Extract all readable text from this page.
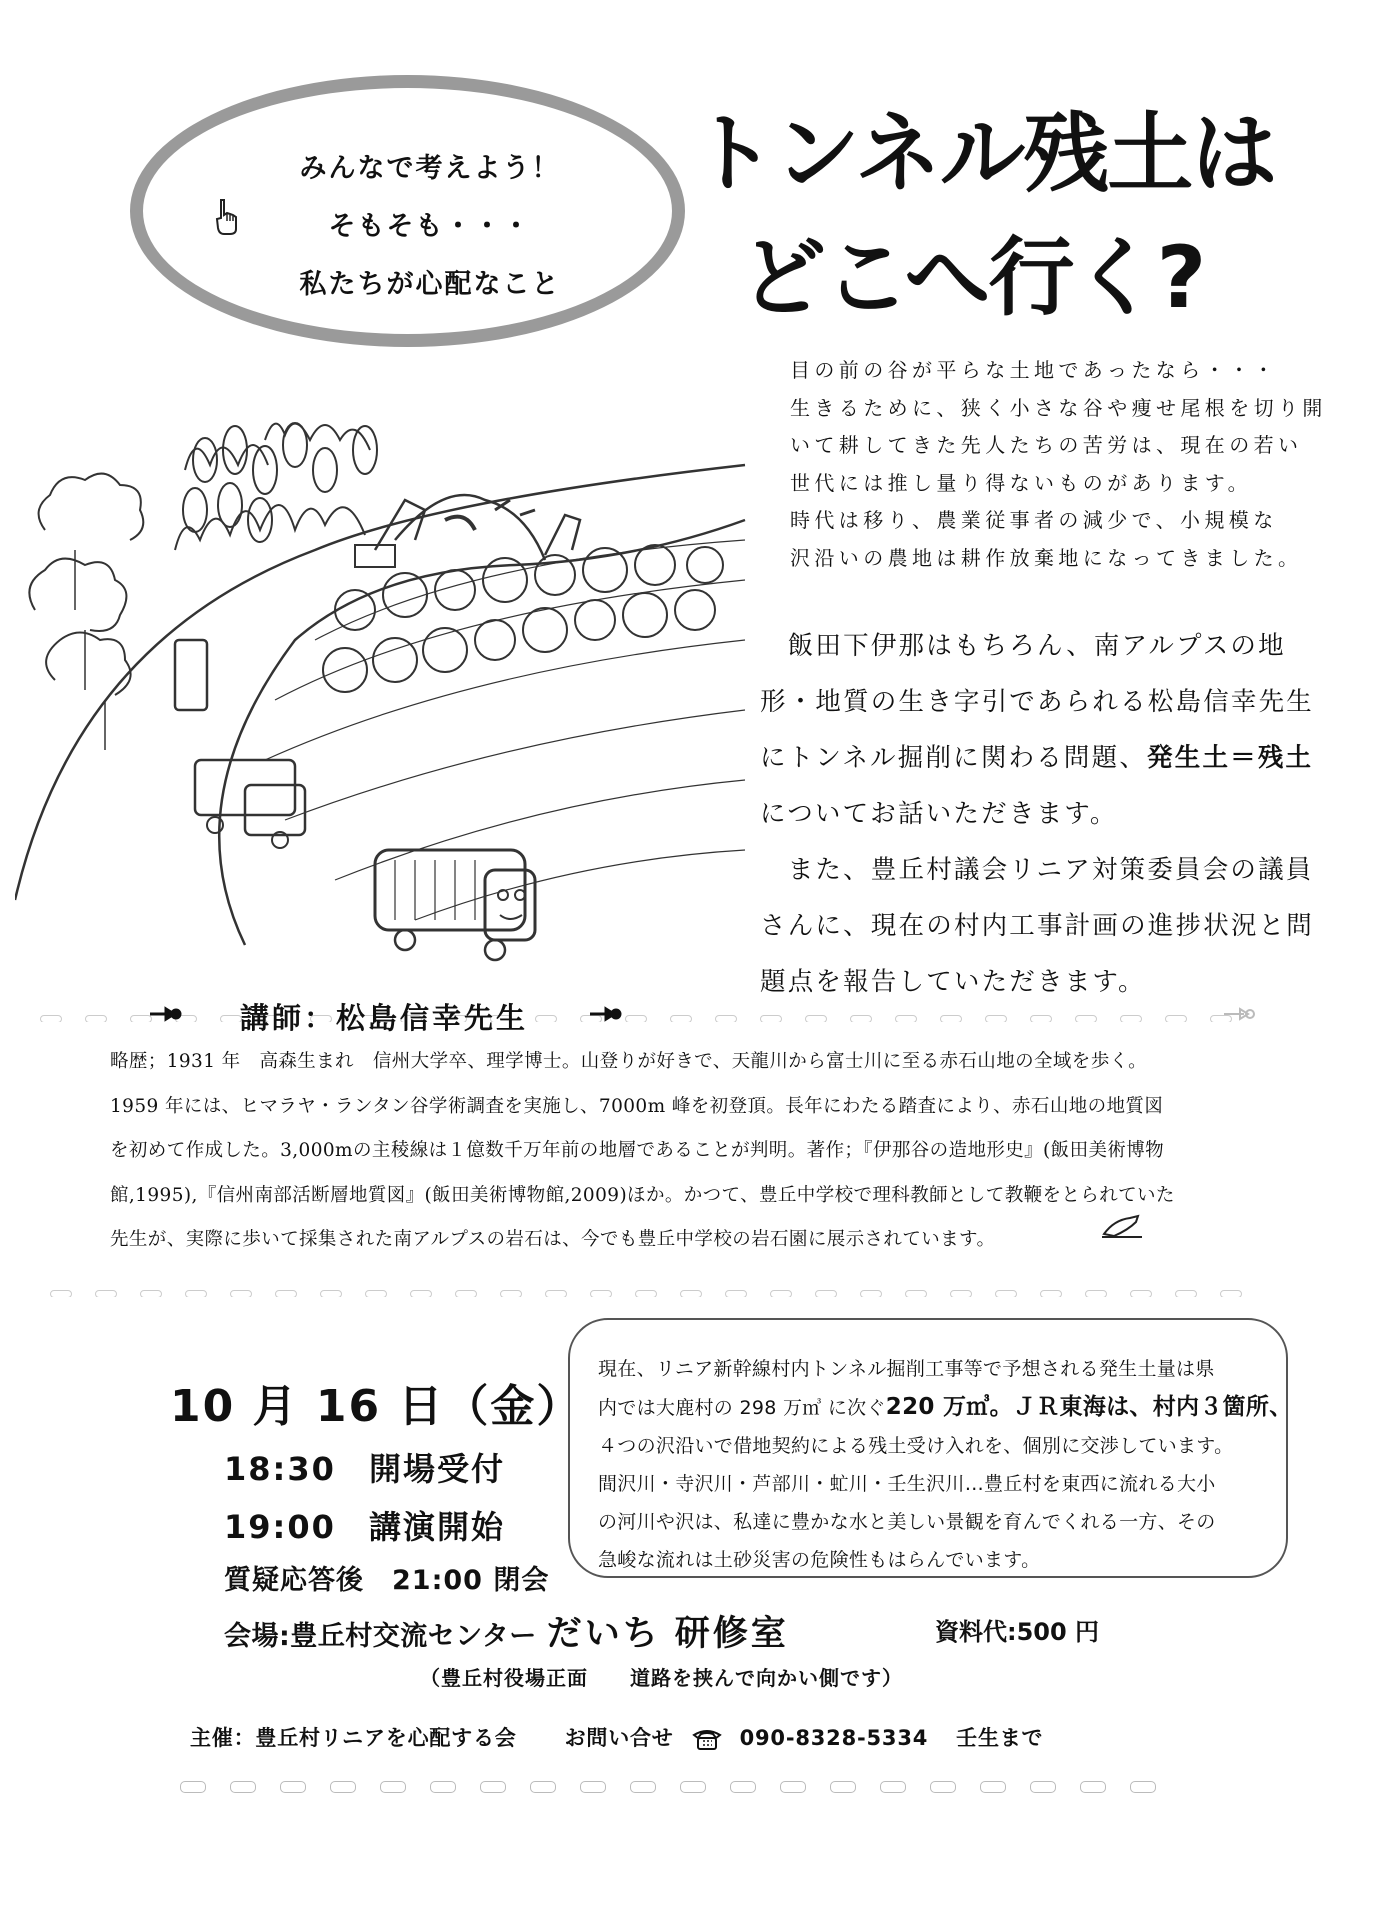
みんなで考えよう！
そもそも・・・
私たちが心配なこと
トンネル残土は
どこへ行く?
目の前の谷が平らな土地であったなら・・・
生きるために、狭く小さな谷や痩せ尾根を切り開
いて耕してきた先人たちの苦労は、現在の若い
世代には推し量り得ないものがあります。
時代は移り、農業従事者の減少で、小規模な
沢沿いの農地は耕作放棄地になってきました。
　飯田下伊那はもちろん、南アルプスの地
形・地質の生き字引であられる松島信幸先生
にトンネル掘削に関わる問題、発生土＝残土
についてお話いただきます。
　また、豊丘村議会リニア対策委員会の議員
さんに、現在の村内工事計画の進捗状況と問
題点を報告していただきます。
講師：松島信幸先生
略歴；1931 年　高森生まれ　信州大学卒、理学博士。山登りが好きで、天龍川から富士川に至る赤石山地の全域を歩く。
1959 年には、ヒマラヤ・ランタン谷学術調査を実施し、7000m 峰を初登頂。長年にわたる踏査により、赤石山地の地質図
を初めて作成した。3,000mの主稜線は１億数千万年前の地層であることが判明。著作；『伊那谷の造地形史』(飯田美術博物
館,1995),『信州南部活断層地質図』(飯田美術博物館,2009)ほか。かつて、豊丘中学校で理科教師として教鞭をとられていた
先生が、実際に歩いて採集された南アルプスの岩石は、今でも豊丘中学校の岩石園に展示されています。
10 月 16 日（金）
18:30 開場受付
19:00 講演開始
質疑応答後　21:00 閉会
会場:豊丘村交流センター だいち 研修室	資料代:500 円
（豊丘村役場正面　　道路を挟んで向かい側です）
現在、リニア新幹線村内トンネル掘削工事等で予想される発生土量は県
内では大鹿村の 298 万㎥ に次ぐ220 万㎥。ＪＲ東海は、村内３箇所、
４つの沢沿いで借地契約による残土受け入れを、個別に交渉しています。
間沢川・寺沢川・芦部川・虻川・壬生沢川…豊丘村を東西に流れる大小
の河川や沢は、私達に豊かな水と美しい景観を育んでくれる一方、その
急峻な流れは土砂災害の危険性もはらんでいます。
主催：豊丘村リニアを心配する会 お問い合せ	090-8328-5334 壬生まで
